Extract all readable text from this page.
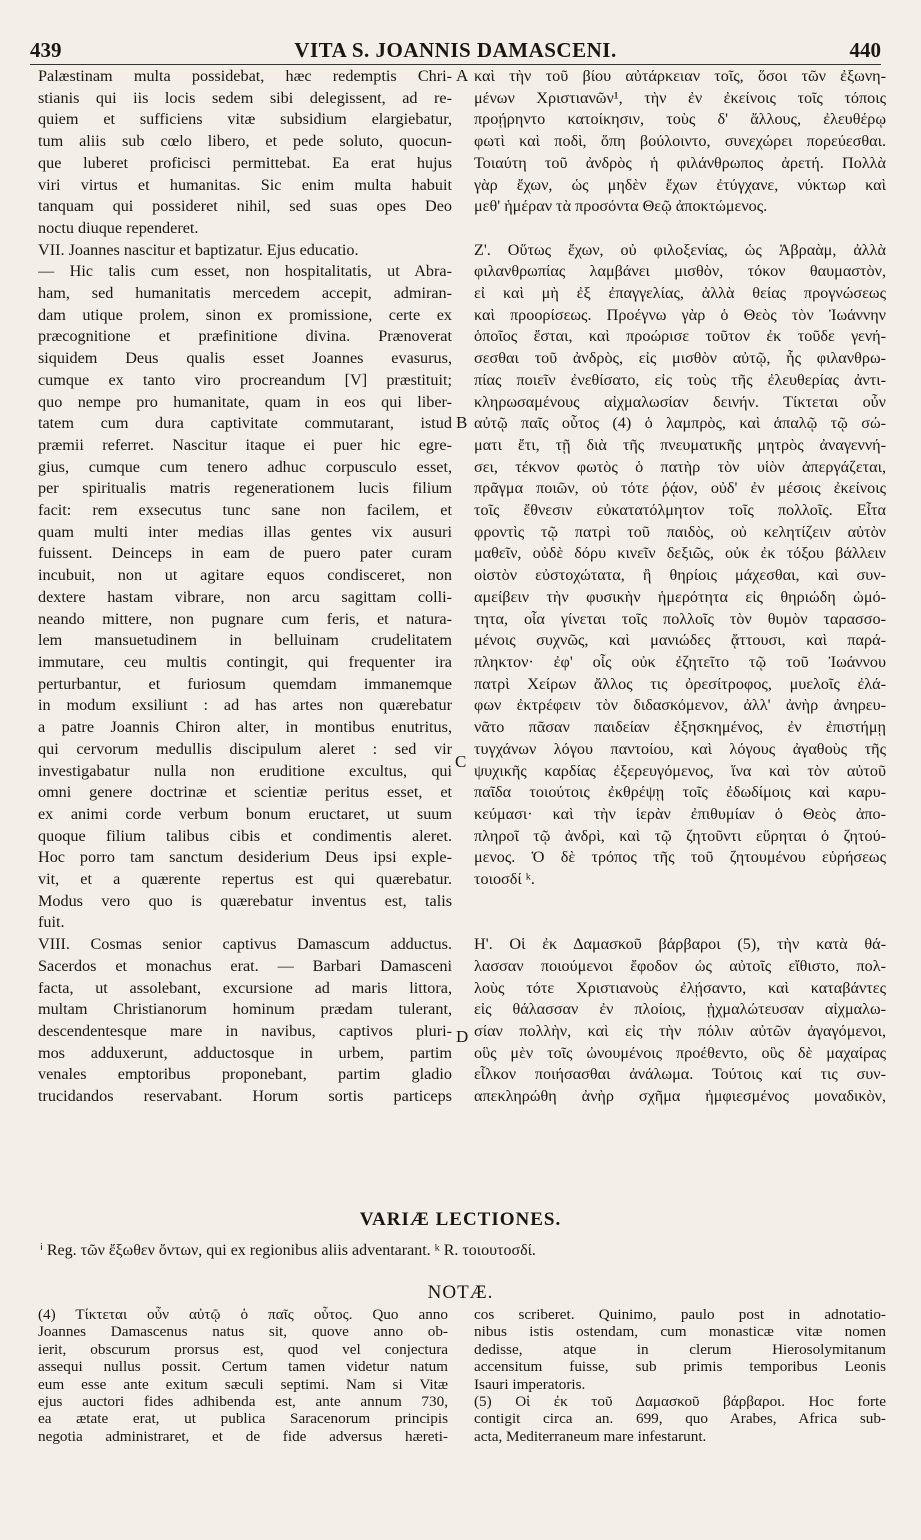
439	VITA S. JOANNIS DAMASCENI.	440
Palæstinam multa possidebat, hæc redemptis Chri-
stianis qui iis locis sedem sibi delegissent, ad re-
quiem et sufficiens vitæ subsidium elargiebatur,
tum aliis sub cœlo libero, et pede soluto, quocun-
que luberet proficisci permittebat. Ea erat hujus
viri virtus et humanitas. Sic enim multa habuit
tanquam qui possideret nihil, sed suas opes Deo
noctu diuque rependeret.
VII. Joannes nascitur et baptizatur. Ejus educatio.
— Hic talis cum esset, non hospitalitatis, ut Abra-
ham, sed humanitatis mercedem accepit, admiran-
dam utique prolem, sinon ex promissione, certe ex
præcognitione et præfinitione divina. Prænoverat
siquidem Deus qualis esset Joannes evasurus,
cumque ex tanto viro procreandum [V] præstituit;
quo nempe pro humanitate, quam in eos qui liber-
tatem cum dura captivitate commutarant, istud
præmii referret. Nascitur itaque ei puer hic egre-
gius, cumque cum tenero adhuc corpusculo esset,
per spiritualis matris regenerationem lucis filium
facit: rem exsecutus tunc sane non facilem, et
quam multi inter medias illas gentes vix ausuri
fuissent. Deinceps in eam de puero pater curam
incubuit, non ut agitare equos condisceret, non
dextere hastam vibrare, non arcu sagittam colli-
neando mittere, non pugnare cum feris, et natura-
lem mansuetudinem in belluinam crudelitatem
immutare, ceu multis contingit, qui frequenter ira
perturbantur, et furiosum quemdam immanemque
in modum exsiliunt : ad has artes non quærebatur
a patre Joannis Chiron alter, in montibus enutritus,
qui cervorum medullis discipulum aleret : sed vir
investigabatur nulla non eruditione excultus, qui
omni genere doctrinæ et scientiæ peritus esset, et
ex animi corde verbum bonum eructaret, ut suum
quoque filium talibus cibis et condimentis aleret.
Hoc porro tam sanctum desiderium Deus ipsi exple-
vit, et a quærente repertus est qui quærebatur.
Modus vero quo is quærebatur inventus est, talis
fuit.
VIII. Cosmas senior captivus Damascum adductus.
Sacerdos et monachus erat. — Barbari Damasceni
facta, ut assolebant, excursione ad maris littora,
multam Christianorum hominum prædam tulerant,
descendentesque mare in navibus, captivos pluri-
mos adduxerunt, adductosque in urbem, partim
venales emptoribus proponebant, partim gladio
trucidandos reservabant. Horum sortis particeps
καὶ τὴν τοῦ βίου αὐτάρκειαν τοῖς, ὅσοι τῶν ἐξωνη-
μένων Χριστιανῶν¹, τὴν ἐν ἐκείνοις τοῖς τόποις
προῄρηντο κατοίκησιν, τοὺς δ' ἄλλους, ἐλευθέρῳ
φωτὶ καὶ ποδὶ, ὅπη βούλοιντο, συνεχώρει πορεύεσθαι.
Τοιαύτη τοῦ ἀνδρὸς ἡ φιλάνθρωπος ἀρετή. Πολλὰ
γὰρ ἔχων, ὡς μηδὲν ἔχων ἐτύγχανε, νύκτωρ καὶ
μεθ' ἡμέραν τὰ προσόντα Θεῷ ἀποκτώμενος.

Ζ'. Οὕτως ἔχων, οὐ φιλοξενίας, ὡς Ἀβραὰμ, ἀλλὰ
φιλανθρωπίας λαμβάνει μισθὸν, τόκον θαυμαστὸν,
εἰ καὶ μὴ ἐξ ἐπαγγελίας, ἀλλὰ θείας προγνώσεως
καὶ προορίσεως. Προέγνω γὰρ ὁ Θεὸς τὸν Ἰωάννην
ὁποῖος ἔσται, καὶ προώρισε τοῦτον ἐκ τοῦδε γενή-
σεσθαι τοῦ ἀνδρὸς, εἰς μισθὸν αὐτῷ, ἧς φιλανθρω-
πίας ποιεῖν ἐνεθίσατο, εἰς τοὺς τῆς ἐλευθερίας ἀντι-
κληρωσαμένους αἰχμαλωσίαν δεινήν. Τίκτεται οὖν
αὐτῷ παῖς οὗτος (4) ὁ λαμπρὸς, καὶ ἁπαλῷ τῷ σώ-
ματι ἔτι, τῇ διὰ τῆς πνευματικῆς μητρὸς ἀναγεννή-
σει, τέκνον φωτὸς ὁ πατὴρ τὸν υἱὸν ἀπεργάζεται,
πρᾶγμα ποιῶν, οὐ τότε ῥᾴον, οὐδ' ἐν μέσοις ἐκείνοις
τοῖς ἔθνεσιν εὐκατατόλμητον τοῖς πολλοῖς. Εἶτα
φροντὶς τῷ πατρὶ τοῦ παιδὸς, οὐ κελητίζειν αὐτὸν
μαθεῖν, οὐδὲ δόρυ κινεῖν δεξιῶς, οὐκ ἐκ τόξου βάλλειν
οἰστὸν εὐστοχώτατα, ἢ θηρίοις μάχεσθαι, καὶ συν-
αμείβειν τὴν φυσικὴν ἡμερότητα εἰς θηριώδη ὠμό-
τητα, οἷα γίνεται τοῖς πολλοῖς τὸν θυμὸν ταρασσο-
μένοις συχνῶς, καὶ μανιώδες ᾄττουσι, καὶ παρά-
πληκτον· ἐφ' οἷς οὐκ ἐζητεῖτο τῷ τοῦ Ἰωάννου
πατρὶ Χείρων ἄλλος τις ὀρεσίτροφος, μυελοῖς ἐλά-
φων ἐκτρέφειν τὸν διδασκόμενον, ἀλλ' ἀνὴρ ἀνηρευ-
νᾶτο πᾶσαν παιδείαν ἐξησκημένος, ἐν ἐπιστήμῃ
τυγχάνων λόγου παντοίου, καὶ λόγους ἀγαθοὺς τῆς
ψυχικῆς καρδίας ἐξερευγόμενος, ἵνα καὶ τὸν αὐτοῦ
παῖδα τοιούτοις ἐκθρέψῃ τοῖς ἐδωδίμοις καὶ καρυ-
κεύμασι· καὶ τὴν ἱερὰν ἐπιθυμίαν ὁ Θεὸς ἀπο-
πληροῖ τῷ ἀνδρὶ, καὶ τῷ ζητοῦντι εὕρηται ὁ ζητού-
μενος. Ὁ δὲ τρόπος τῆς τοῦ ζητουμένου εὑρήσεως
τοιοσδί ᵏ.

Η'. Οἱ ἐκ Δαμασκοῦ βάρβαροι (5), τὴν κατὰ θά-
λασσαν ποιούμενοι ἔφοδον ὡς αὐτοῖς εἴθιστο, πολ-
λοὺς τότε Χριστιανοὺς ἐλῄσαντο, καὶ καταβάντες
εἰς θάλασσαν ἐν πλοίοις, ᾐχμαλώτευσαν αἰχμαλω-
σίαν πολλὴν, καὶ εἰς τὴν πόλιν αὐτῶν ἀγαγόμενοι,
οὓς μὲν τοῖς ὠνουμένοις προέθεντο, οὓς δὲ μαχαίρας
εἷλκον ποιήσασθαι ἀνάλωμα. Τούτοις καί τις συν-
απεκληρώθη ἀνὴρ σχῆμα ἠμφιεσμένος μοναδικὸν,
A
B
C
D
VARIÆ LECTIONES.
ⁱ Reg. τῶν ἔξωθεν ὄντων, qui ex regionibus aliis adventarant. ᵏ R. τοιουτοσδί.
NOTÆ.
(4) Τίκτεται οὖν αὐτῷ ὁ παῖς οὗτος. Quo anno
Joannes Damascenus natus sit, quove anno ob-
ierit, obscurum prorsus est, quod vel conjectura
assequi nullus possit. Certum tamen videtur natum
eum esse ante exitum sæculi septimi. Nam si Vitæ
ejus auctori fides adhibenda est, ante annum 730,
ea ætate erat, ut publica Saracenorum principis
negotia administraret, et de fide adversus hæreti-
cos scriberet. Quinimo, paulo post in adnotatio-
nibus istis ostendam, cum monasticæ vitæ nomen
dedisse, atque in clerum Hierosolymitanum
accensitum fuisse, sub primis temporibus Leonis
Isauri imperatoris.
(5) Οἱ ἐκ τοῦ Δαμασκοῦ βάρβαροι. Hoc forte
contigit circa an. 699, quo Arabes, Africa sub-
acta, Mediterraneum mare infestarunt.
